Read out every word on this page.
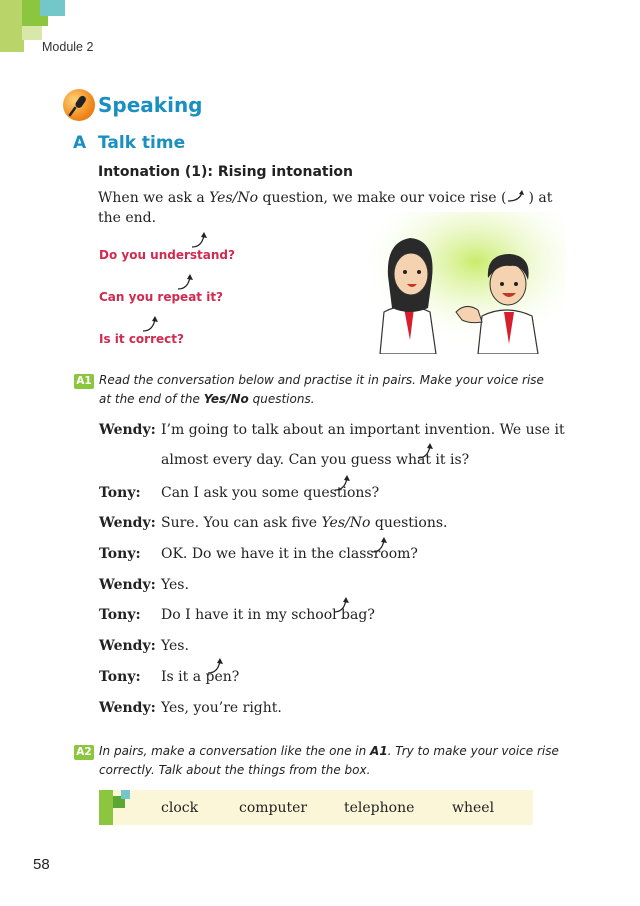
Module 2
Speaking
A Talk time
Intonation (1): Rising intonation
When we ask a Yes/No question, we make our voice rise ( ) at the end.
Do you understand?
Can you repeat it?
Is it correct?
A1 Read the conversation below and practise it in pairs. Make your voice rise at the end of the Yes/No questions.
Wendy: I’m going to talk about an important invention. We use it
almost every day. Can you guess what it is?
Tony: Can I ask you some questions?
Wendy: Sure. You can ask five Yes/No questions.
Tony: OK. Do we have it in the classroom?
Wendy: Yes.
Tony: Do I have it in my school bag?
Wendy: Yes.
Tony: Is it a pen?
Wendy: Yes, you’re right.
A2 In pairs, make a conversation like the one in A1. Try to make your voice rise correctly. Talk about the things from the box.
clock	computer	telephone	wheel
58
